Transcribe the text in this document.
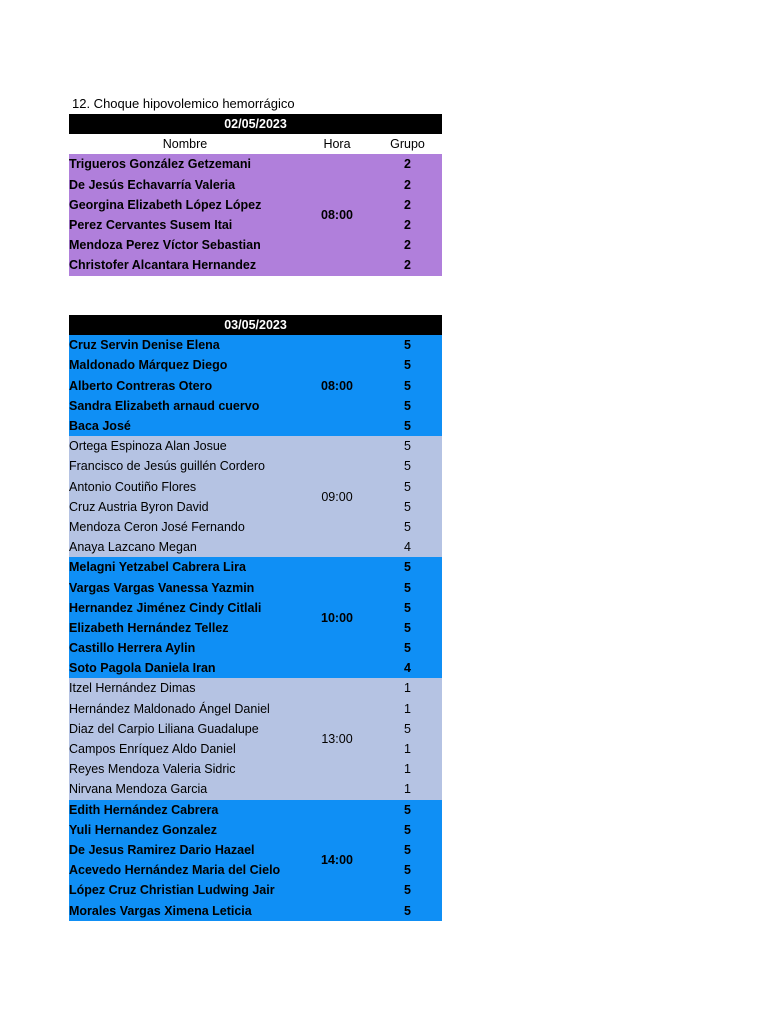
12. Choque hipovolemico hemorrágico
02/05/2023		
Nombre	Hora	Grupo
Trigueros González Getzemani	08:00	2
De Jesús Echavarría Valeria		2
Georgina Elizabeth López López		2
Perez Cervantes Susem Itai		2
Mendoza Perez Víctor Sebastian		2
Christofer Alcantara Hernandez		2
03/05/2023		
Cruz Servin Denise Elena	08:00	5
Maldonado Márquez Diego		5
Alberto Contreras Otero		5
Sandra Elizabeth arnaud cuervo		5
Baca José		5
Ortega Espinoza Alan Josue	09:00	5
Francisco de Jesús guillén Cordero		5
Antonio Coutiño Flores		5
Cruz Austria Byron David		5
Mendoza Ceron José Fernando		5
Anaya Lazcano Megan		4
Melagni Yetzabel Cabrera Lira	10:00	5
Vargas Vargas Vanessa Yazmin		5
Hernandez Jiménez Cindy Citlali		5
Elizabeth Hernández Tellez		5
Castillo Herrera Aylin		5
Soto Pagola Daniela Iran		4
Itzel Hernández Dimas	13:00	1
Hernández Maldonado Ángel Daniel		1
Diaz del Carpio Liliana Guadalupe		5
Campos Enríquez Aldo Daniel		1
Reyes Mendoza Valeria Sidric		1
Nirvana Mendoza Garcia		1
Edith Hernández Cabrera	14:00	5
Yuli Hernandez Gonzalez		5
De Jesus Ramirez Dario Hazael		5
Acevedo Hernández Maria del Cielo		5
López Cruz Christian Ludwing Jair		5
Morales Vargas Ximena Leticia		5
